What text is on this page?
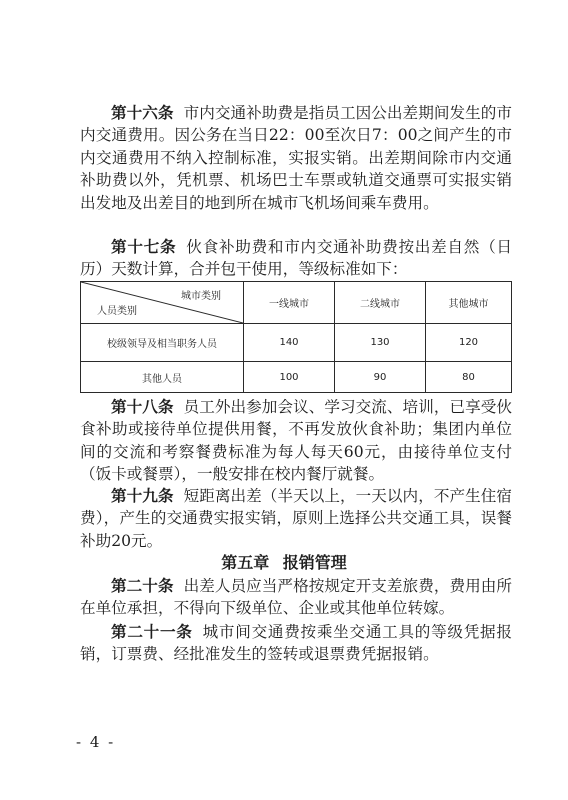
第十六条 市内交通补助费是指员工因公出差期间发生的市内交通费用。因公务在当日22：00至次日7：00之间产生的市内交通费用不纳入控制标准，实报实销。出差期间除市内交通补助费以外，凭机票、机场巴士车票或轨道交通票可实报实销出发地及出差目的地到所在城市飞机场间乘车费用。

第十七条 伙食补助费和市内交通补助费按出差自然（日历）天数计算，合并包干使用，等级标准如下：

城市类别
人员类别	一线城市	二线城市	其他城市
校级领导及相当职务人员	140	130	120
其他人员	100	90	80

第十八条 员工外出参加会议、学习交流、培训，已享受伙食补助或接待单位提供用餐，不再发放伙食补助；集团内单位间的交流和考察餐费标准为每人每天60元，由接待单位支付（饭卡或餐票），一般安排在校内餐厅就餐。

第十九条 短距离出差（半天以上，一天以内，不产生住宿费），产生的交通费实报实销，原则上选择公共交通工具，误餐补助20元。

第五章 报销管理

第二十条 出差人员应当严格按规定开支差旅费，费用由所在单位承担，不得向下级单位、企业或其他单位转嫁。

第二十一条 城市间交通费按乘坐交通工具的等级凭据报销，订票费、经批准发生的签转或退票费凭据报销。

- 4 -
